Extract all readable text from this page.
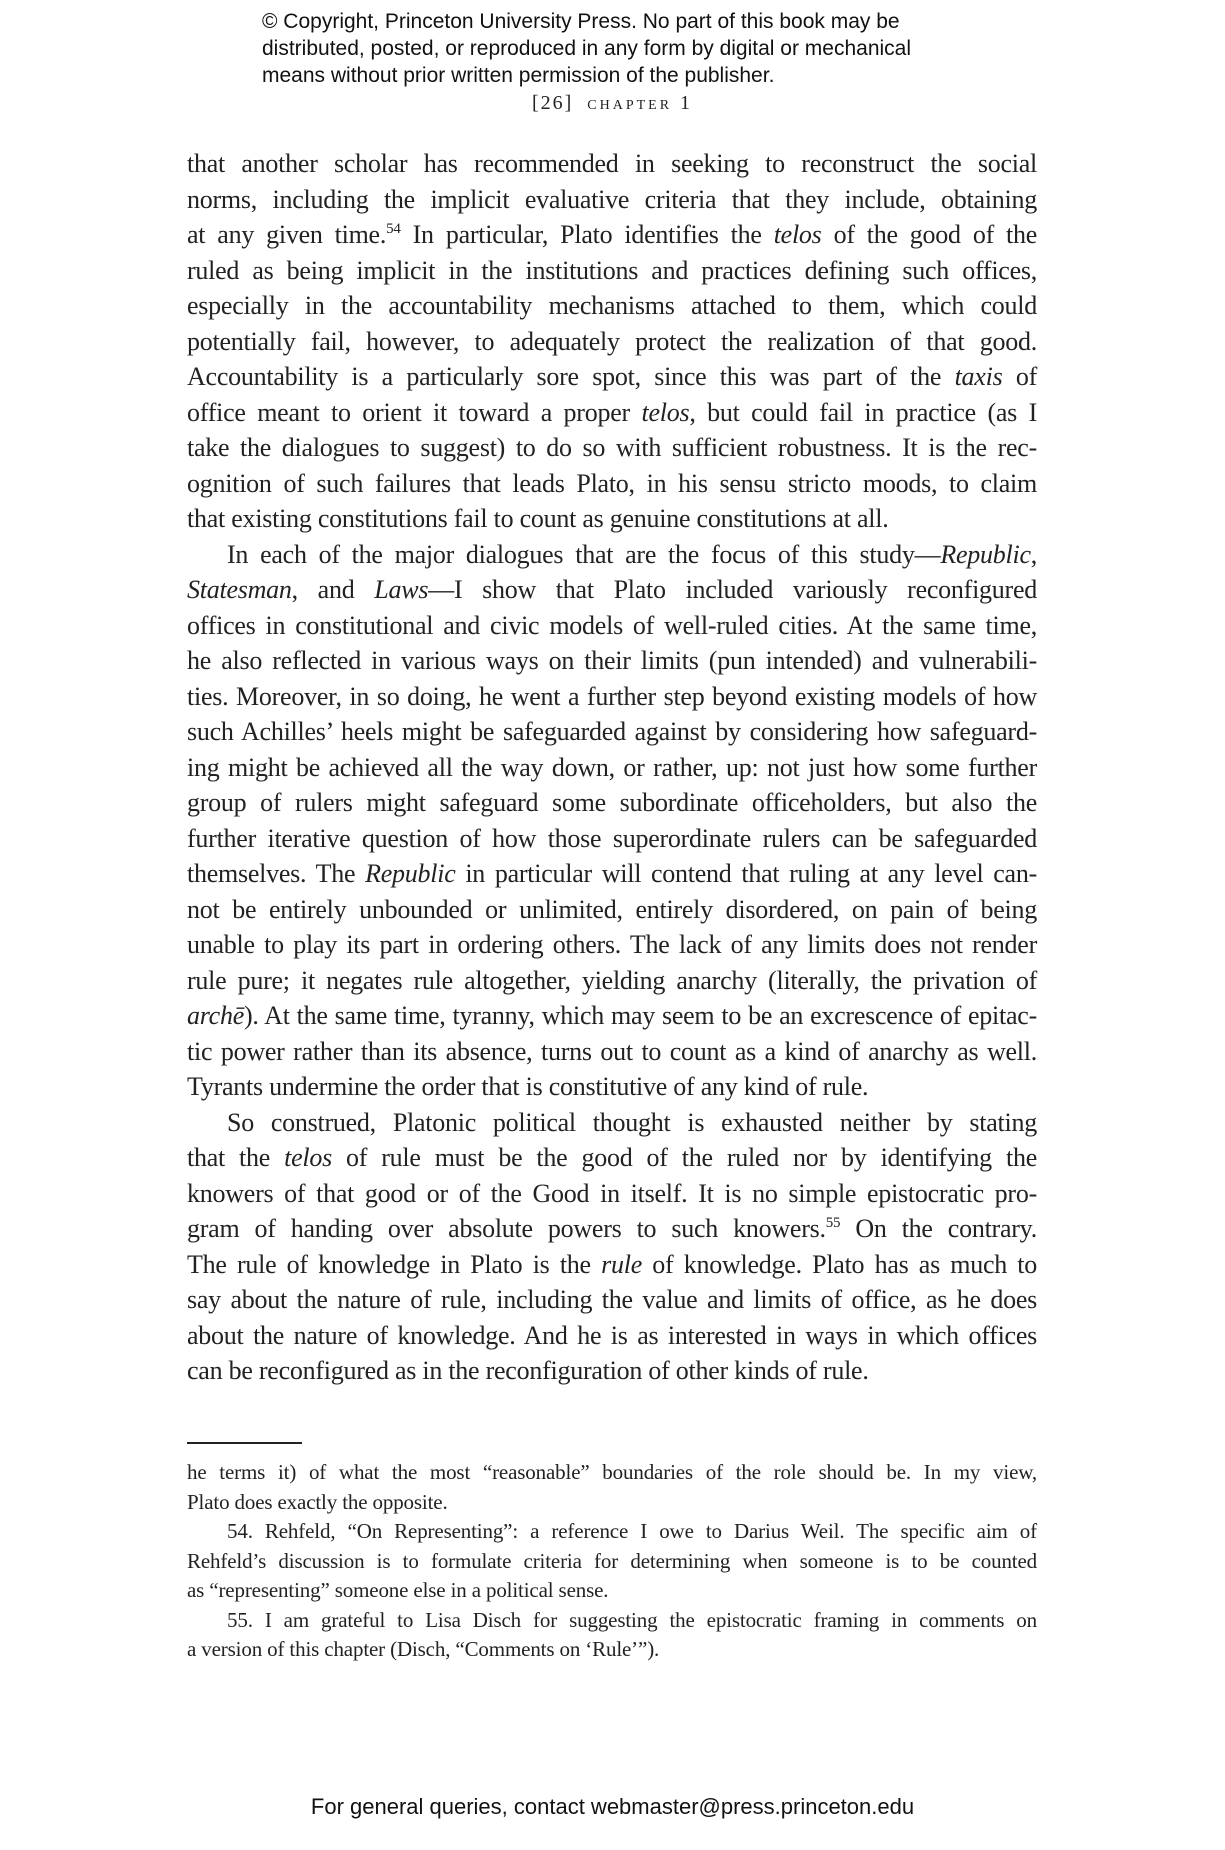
© Copyright, Princeton University Press. No part of this book may be
distributed, posted, or reproduced in any form by digital or mechanical
means without prior written permission of the publisher.
[26] chapter 1
that another scholar has recommended in seeking to reconstruct the social
norms, including the implicit evaluative criteria that they include, obtaining
at any given time.$^{54}$ In particular, Plato identifies the telos of the good of the
ruled as being implicit in the institutions and practices defining such offices,
especially in the accountability mechanisms attached to them, which could
potentially fail, however, to adequately protect the realization of that good.
Accountability is a particularly sore spot, since this was part of the taxis of
office meant to orient it toward a proper telos, but could fail in practice (as I
take the dialogues to suggest) to do so with sufficient robustness. It is the rec-
ognition of such failures that leads Plato, in his sensu stricto moods, to claim
that existing constitutions fail to count as genuine constitutions at all.
In each of the major dialogues that are the focus of this study—Republic,
Statesman, and Laws—I show that Plato included variously reconfigured
offices in constitutional and civic models of well-ruled cities. At the same time,
he also reflected in various ways on their limits (pun intended) and vulnerabili-
ties. Moreover, in so doing, he went a further step beyond existing models of how
such Achilles’ heels might be safeguarded against by considering how safeguard-
ing might be achieved all the way down, or rather, up: not just how some further
group of rulers might safeguard some subordinate officeholders, but also the
further iterative question of how those superordinate rulers can be safeguarded
themselves. The Republic in particular will contend that ruling at any level can-
not be entirely unbounded or unlimited, entirely disordered, on pain of being
unable to play its part in ordering others. The lack of any limits does not render
rule pure; it negates rule altogether, yielding anarchy (literally, the privation of
archē). At the same time, tyranny, which may seem to be an excrescence of epitac-
tic power rather than its absence, turns out to count as a kind of anarchy as well.
Tyrants undermine the order that is constitutive of any kind of rule.
So construed, Platonic political thought is exhausted neither by stating
that the telos of rule must be the good of the ruled nor by identifying the
knowers of that good or of the Good in itself. It is no simple epistocratic pro-
gram of handing over absolute powers to such knowers.$^{55}$ On the contrary.
The rule of knowledge in Plato is the rule of knowledge. Plato has as much to
say about the nature of rule, including the value and limits of office, as he does
about the nature of knowledge. And he is as interested in ways in which offices
can be reconfigured as in the reconfiguration of other kinds of rule.
he terms it) of what the most “reasonable” boundaries of the role should be. In my view,
Plato does exactly the opposite.
54. Rehfeld, “On Representing”: a reference I owe to Darius Weil. The specific aim of
Rehfeld’s discussion is to formulate criteria for determining when someone is to be counted
as “representing” someone else in a political sense.
55. I am grateful to Lisa Disch for suggesting the epistocratic framing in comments on
a version of this chapter (Disch, “Comments on ‘Rule’”).
For general queries, contact webmaster@press.princeton.edu
